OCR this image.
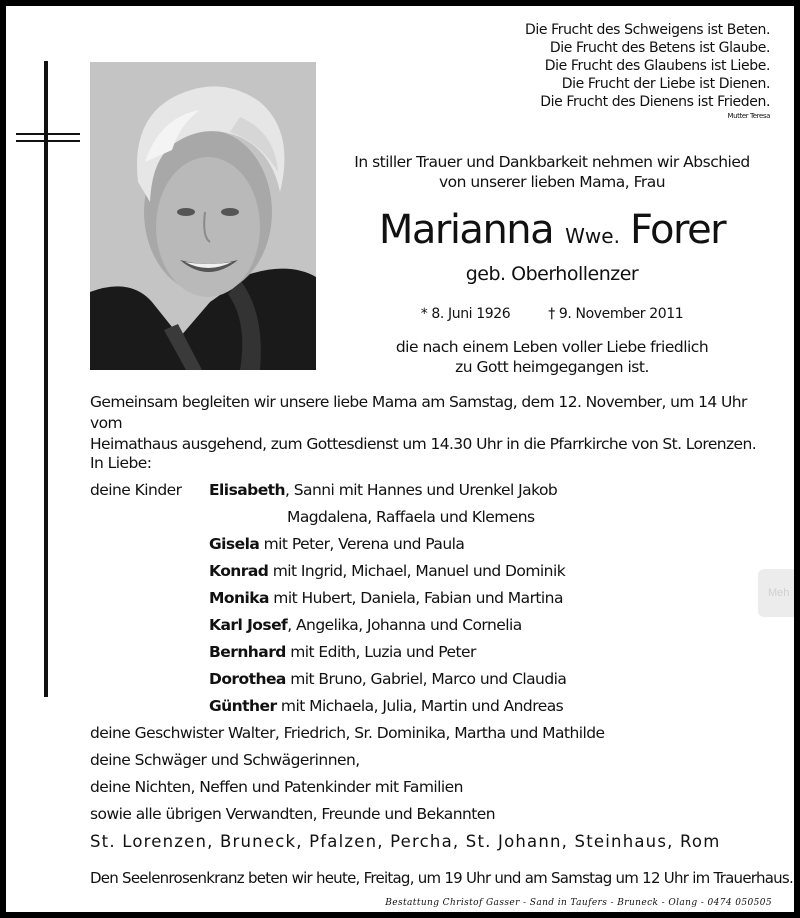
Die Frucht des Schweigens ist Beten.
Die Frucht des Betens ist Glaube.
Die Frucht des Glaubens ist Liebe.
Die Frucht der Liebe ist Dienen.
Die Frucht des Dienens ist Frieden.
Mutter Teresa
In stiller Trauer und Dankbarkeit nehmen wir Abschied
von unserer lieben Mama, Frau
Marianna Wwe. Forer
geb. Oberhollenzer
* 8. Juni 1926	† 9. November 2011
die nach einem Leben voller Liebe friedlich
zu Gott heimgegangen ist.
Gemeinsam begleiten wir unsere liebe Mama am Samstag, dem 12. November, um 14 Uhr vom
Heimathaus ausgehend, zum Gottesdienst um 14.30 Uhr in die Pfarrkirche von St. Lorenzen.
In Liebe:
deine Kinder Elisabeth, Sanni mit Hannes und Urenkel Jakob
Magdalena, Raffaela und Klemens
Gisela mit Peter, Verena und Paula
Konrad mit Ingrid, Michael, Manuel und Dominik
Monika mit Hubert, Daniela, Fabian und Martina
Karl Josef, Angelika, Johanna und Cornelia
Bernhard mit Edith, Luzia und Peter
Dorothea mit Bruno, Gabriel, Marco und Claudia
Günther mit Michaela, Julia, Martin und Andreas
deine Geschwister Walter, Friedrich, Sr. Dominika, Martha und Mathilde
deine Schwäger und Schwägerinnen,
deine Nichten, Neffen und Patenkinder mit Familien
sowie alle übrigen Verwandten, Freunde und Bekannten
St. Lorenzen, Bruneck, Pfalzen, Percha, St. Johann, Steinhaus, Rom
Den Seelenrosenkranz beten wir heute, Freitag, um 19 Uhr und am Samstag um 12 Uhr im Trauerhaus.
Bestattung Christof Gasser - Sand in Taufers - Bruneck - Olang - 0474 050505
Meh
